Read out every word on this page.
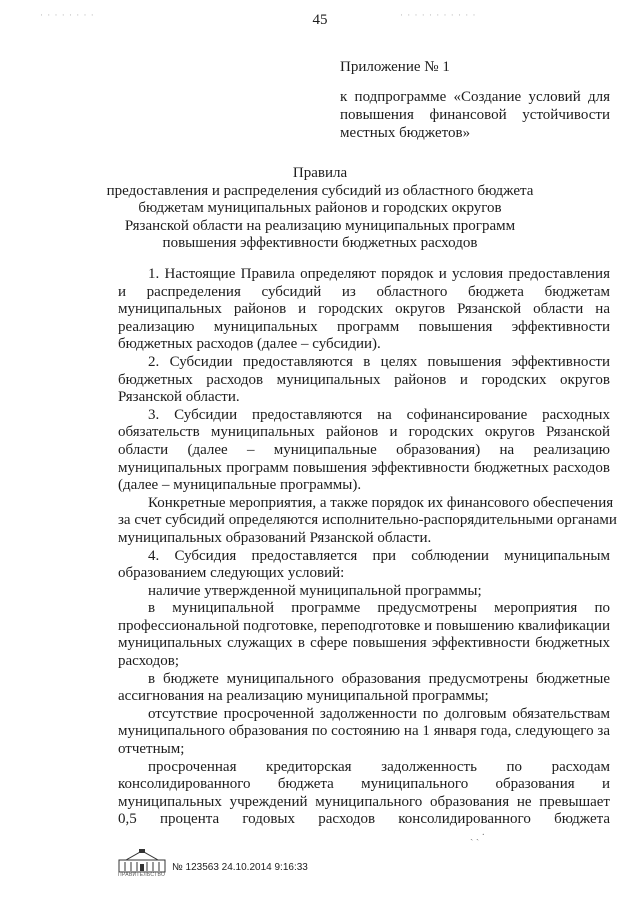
45
· · · · · · · ·	· · · · · · · · · · ·
Приложение № 1
к подпрограмме «Создание условий для
повышения финансовой устойчивости
местных бюджетов»
Правила
предоставления и распределения субсидий из областного бюджета
бюджетам муниципальных районов и городских округов
Рязанской области на реализацию муниципальных программ
повышения эффективности бюджетных расходов
1. Настоящие Правила определяют порядок и условия предоставления
и распределения субсидий из областного бюджета бюджетам
муниципальных районов и городских округов Рязанской области на
реализацию муниципальных программ повышения эффективности
бюджетных расходов (далее – субсидии).
2. Субсидии предоставляются в целях повышения эффективности
бюджетных расходов муниципальных районов и городских округов
Рязанской области.
3. Субсидии предоставляются на софинансирование расходных
обязательств муниципальных районов и городских округов Рязанской
области (далее – муниципальные образования) на реализацию
муниципальных программ повышения эффективности бюджетных расходов
(далее – муниципальные программы).
Конкретные мероприятия, а также порядок их финансового обеспечения
за счет субсидий определяются исполнительно-распорядительными органами
муниципальных образований Рязанской области.
4. Субсидия предоставляется при соблюдении муниципальным
образованием следующих условий:
наличие утвержденной муниципальной программы;
в муниципальной программе предусмотрены мероприятия по
профессиональной подготовке, переподготовке и повышению квалификации
муниципальных служащих в сфере повышения эффективности бюджетных
расходов;
в бюджете муниципального образования предусмотрены бюджетные
ассигнования на реализацию муниципальной программы;
отсутствие просроченной задолженности по долговым обязательствам
муниципального образования по состоянию на 1 января года, следующего за
отчетным;
просроченная кредиторская задолженность по расходам
консолидированного бюджета муниципального образования и
муниципальных учреждений муниципального образования не превышает
0,5 процента годовых расходов консолидированного бюджета
ПРАВИТЕЛЬСТВО
№ 123563 24.10.2014 9:16:33
ˎ ˏ ·
